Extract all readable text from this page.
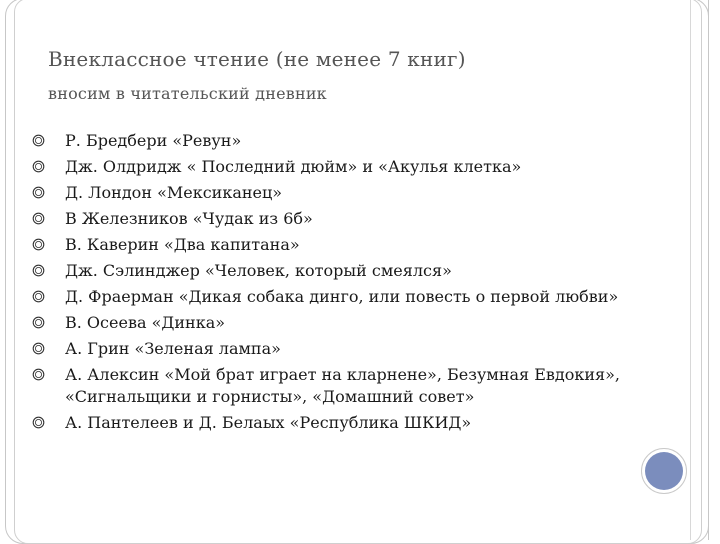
Внеклассное чтение (не менее 7 книг)
вносим в читательский дневник
Р. Бредбери «Ревун»
Дж. Олдридж « Последний дюйм» и «Акулья клетка»
Д. Лондон «Мексиканец»
В Железников «Чудак из 6б»
В. Каверин «Два капитана»
Дж. Сэлинджер «Человек, который смеялся»
Д. Фраерман «Дикая собака динго, или повесть о первой любви»
В. Осеева «Динка»
А. Грин «Зеленая лампа»
А. Алексин «Мой брат играет на кларнене», Безумная Евдокия», «Сигнальщики и горнисты», «Домашний совет»
А. Пантелеев и Д. Белаых «Республика ШКИД»
